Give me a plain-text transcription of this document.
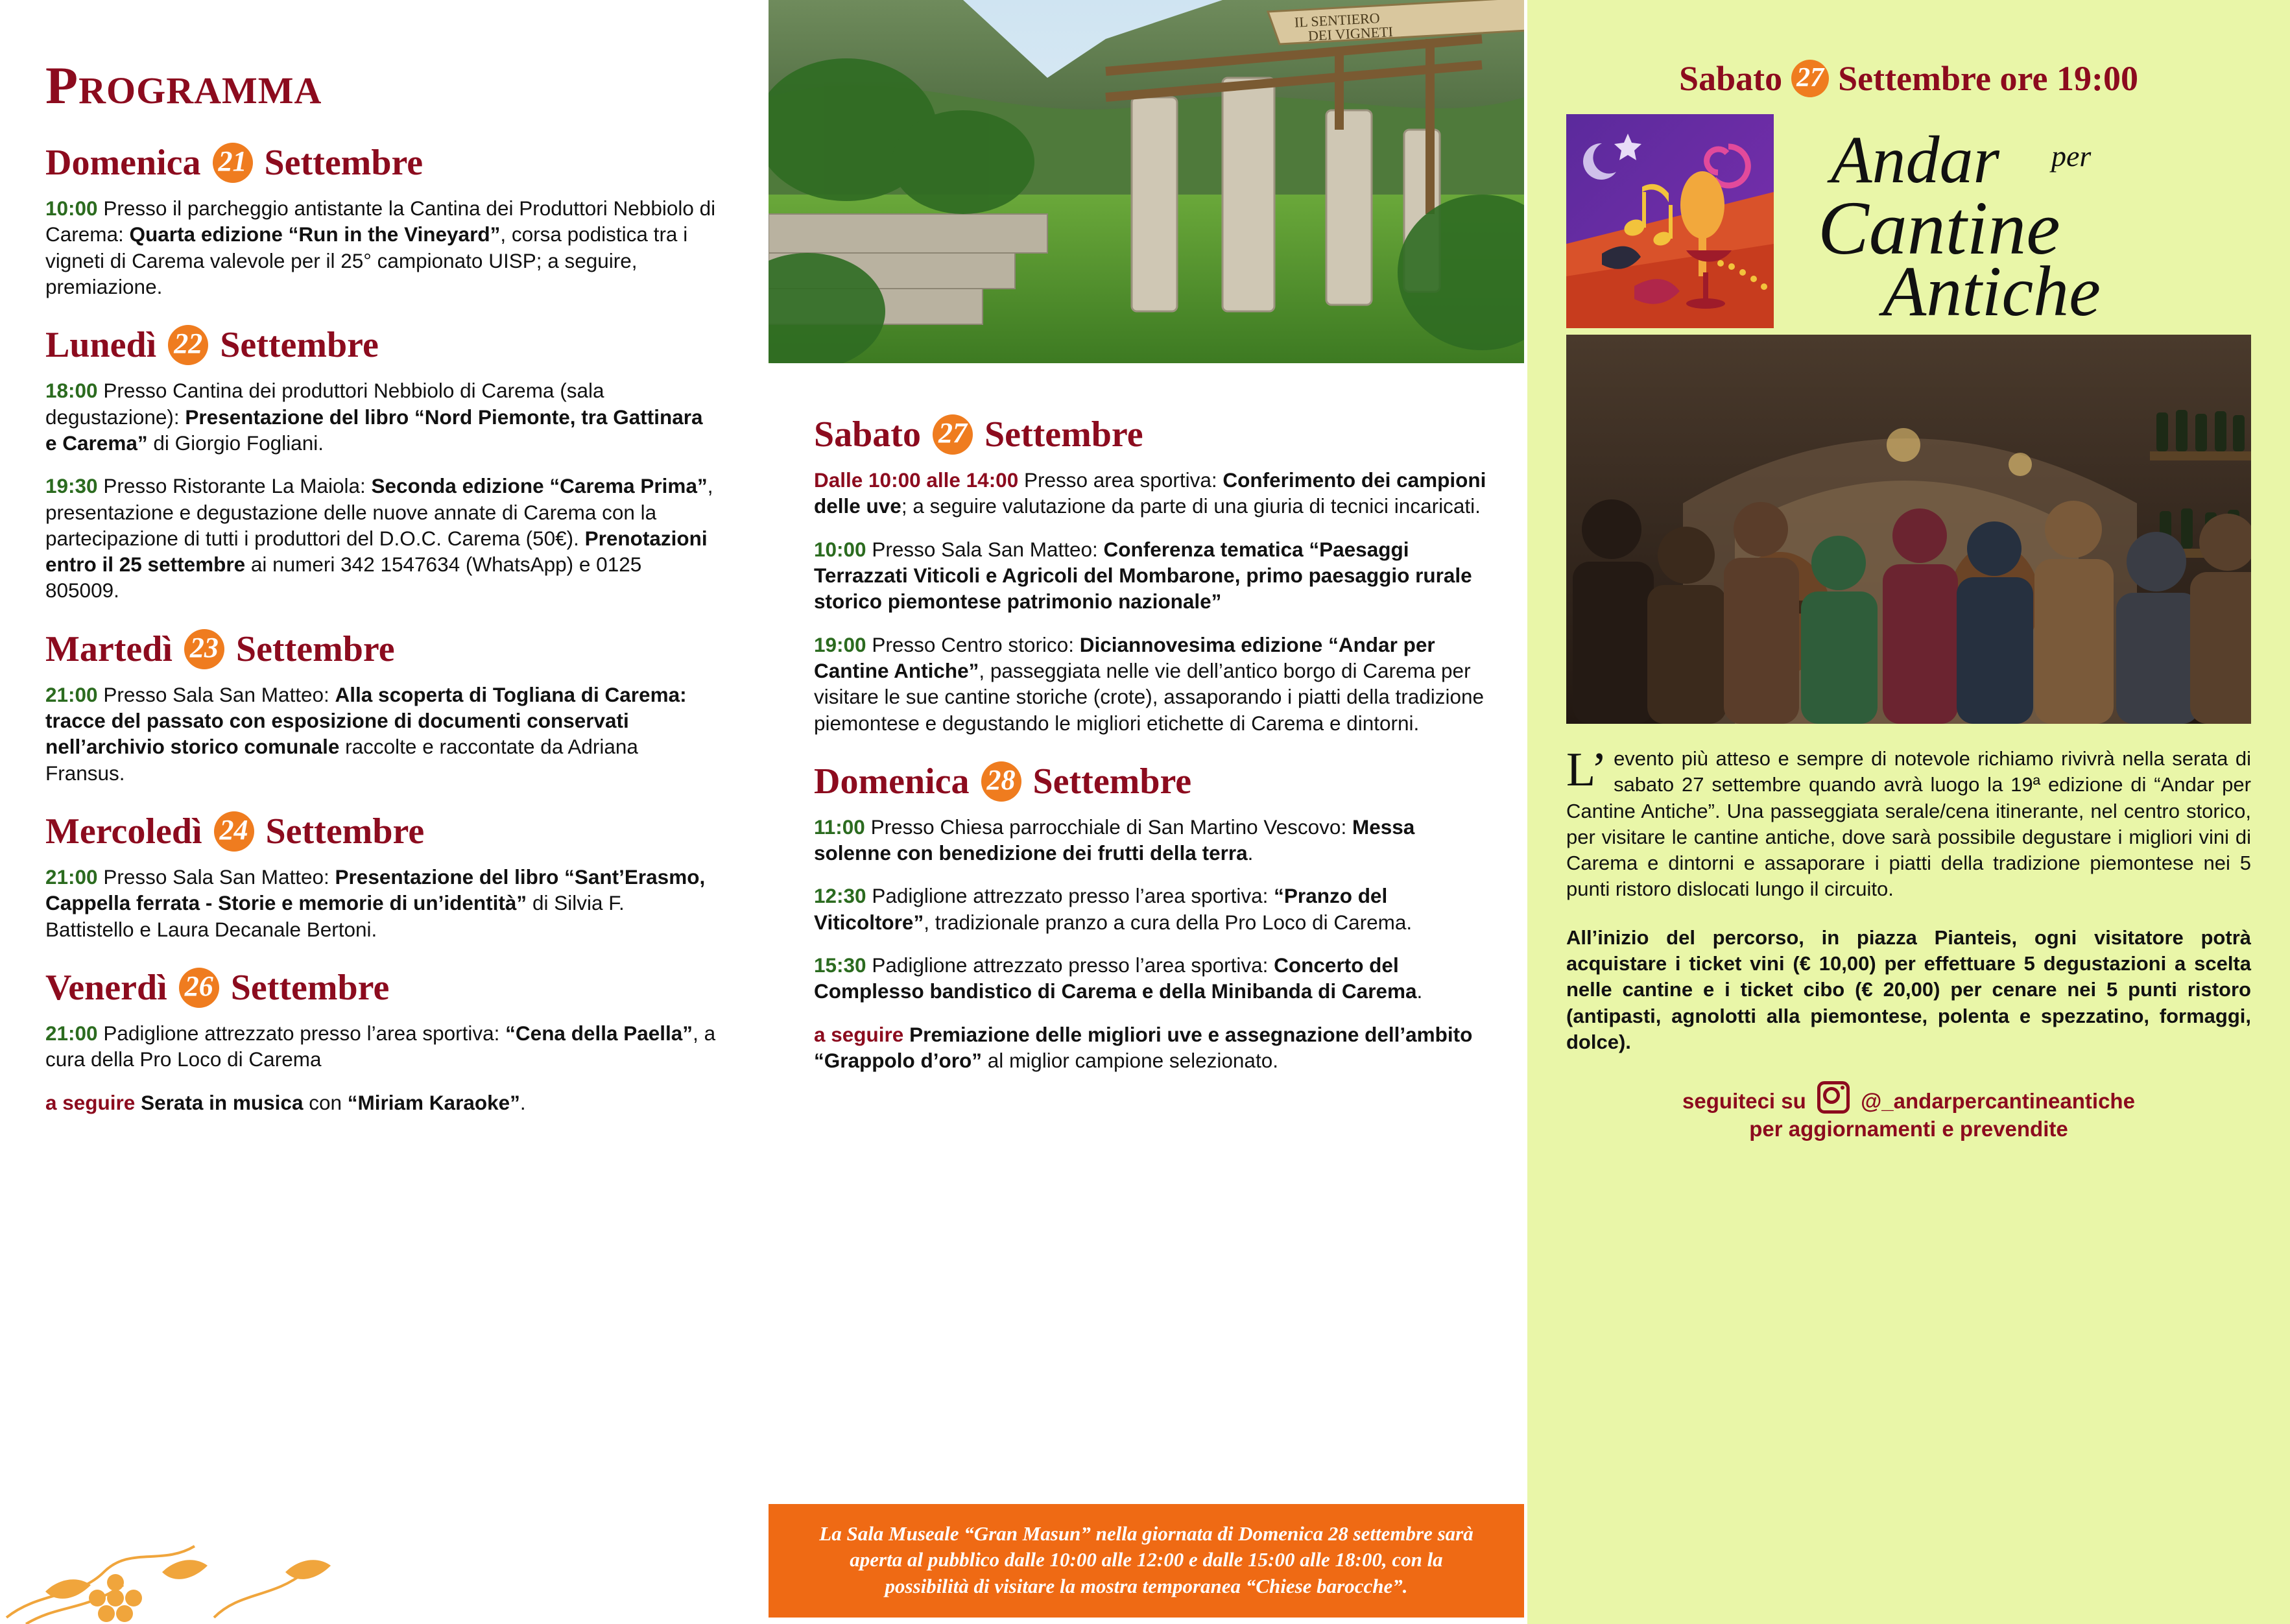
PROGRAMMA
Domenica 21 Settembre

10:00 Presso il parcheggio antistante la Cantina dei Produttori Nebbiolo di Carema: Quarta edizione “Run in the Vineyard”, corsa podistica tra i vigneti di Carema valevole per il 25° campionato UISP; a seguire, premiazione.

Lunedì 22 Settembre

18:00 Presso Cantina dei produttori Nebbiolo di Carema (sala degustazione): Presentazione del libro “Nord Piemonte, tra Gattinara e Carema” di Giorgio Fogliani.

19:30 Presso Ristorante La Maiola: Seconda edizione “Carema Prima”, presentazione e degustazione delle nuove annate di Carema con la partecipazione di tutti i produttori del D.O.C. Carema (50€). Prenotazioni entro il 25 settembre ai numeri 342 1547634 (WhatsApp) e 0125 805009.

Martedì 23 Settembre

21:00 Presso Sala San Matteo: Alla scoperta di Togliana di Carema: tracce del passato con esposizione di documenti conservati nell’archivio storico comunale raccolte e raccontate da Adriana Fransus.

Mercoledì 24 Settembre

21:00 Presso Sala San Matteo: Presentazione del libro “Sant’Erasmo, Cappella ferrata - Storie e memorie di un’identità” di Silvia F. Battistello e Laura Decanale Bertoni.

Venerdì 26 Settembre

21:00 Padiglione attrezzato presso l’area sportiva: “Cena della Paella”, a cura della Pro Loco di Carema

a seguire Serata in musica con “Miriam Karaoke”.

IL SENTIERO
DEI VIGNETI
Sabato 27 Settembre

Dalle 10:00 alle 14:00 Presso area sportiva: Conferimento dei campioni delle uve; a seguire valutazione da parte di una giuria di tecnici incaricati.

10:00 Presso Sala San Matteo: Conferenza tematica “Paesaggi Terrazzati Viticoli e Agricoli del Mombarone, primo paesaggio rurale storico piemontese patrimonio nazionale”

19:00 Presso Centro storico: Diciannovesima edizione “Andar per Cantine Antiche”, passeggiata nelle vie dell’antico borgo di Carema per visitare le sue cantine storiche (crote), assaporando i piatti della tradizione piemontese e degustando le migliori etichette di Carema e dintorni.

Domenica 28 Settembre

11:00 Presso Chiesa parrocchiale di San Martino Vescovo: Messa solenne con benedizione dei frutti della terra.

12:30 Padiglione attrezzato presso l’area sportiva: “Pranzo del Viticoltore”, tradizionale pranzo a cura della Pro Loco di Carema.

15:30 Padiglione attrezzato presso l’area sportiva: Concerto del Complesso bandistico di Carema e della Minibanda di Carema.

a seguire Premiazione delle migliori uve e assegnazione dell’ambito “Grappolo d’oro” al miglior campione selezionato.

La Sala Museale “Gran Masun” nella giornata di Domenica 28 settembre sarà aperta al pubblico dalle 10:00 alle 12:00 e dalle 15:00 alle 18:00, con la possibilità di visitare la mostra temporanea “Chiese barocche”.
Sabato 27 Settembre ore 19:00
Andar per
Cantine
Antiche
L’ evento più atteso e sempre di notevole richiamo rivivrà nella serata di sabato 27 settembre quando avrà luogo la 19ª edizione di “Andar per Cantine Antiche”. Una passeggiata serale/cena itinerante, nel centro storico, per visitare le cantine antiche, dove sarà possibile degustare i migliori vini di Carema e dintorni e assaporare i piatti della tradizione piemontese nei 5 punti ristoro dislocati lungo il circuito.
All’inizio del percorso, in piazza Pianteis, ogni visitatore potrà acquistare i ticket vini (€ 10,00) per effettuare 5 degustazioni a scelta nelle cantine e i ticket cibo (€ 20,00) per cenare nei 5 punti ristoro (antipasti, agnolotti alla piemontese, polenta e spezzatino, formaggi, dolce).
seguiteci su	@_andarpercantineantiche
per aggiornamenti e prevendite
